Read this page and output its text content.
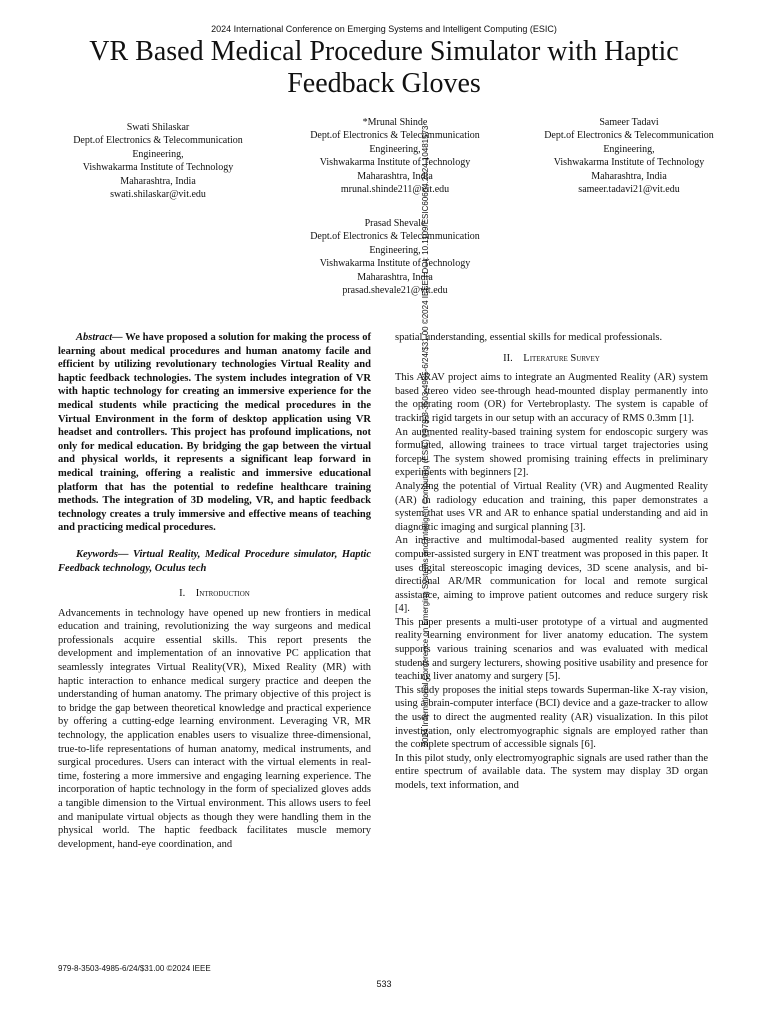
2024 International Conference on Emerging Systems and Intelligent Computing (ESIC)
VR Based Medical Procedure Simulator with Haptic Feedback Gloves
2024 International Conference on Emerging Systems and Intelligent Computing (ESIC) | 979-8-3503-4985-6/24/$31.00 ©2024 IEEE | DOI: 10.1109/ESIC60604.2024.10481573
Swati Shilaskar
Dept.of Electronics & Telecommunication
Engineering,
Vishwakarma Institute of Technology
Maharashtra, India
swati.shilaskar@vit.edu
*Mrunal Shinde
Dept.of Electronics & Telecommunication
Engineering,
Vishwakarma Institute of Technology
Maharashtra, India
mrunal.shinde211@vit.edu
Sameer Tadavi
Dept.of Electronics & Telecommunication
Engineering,
Vishwakarma Institute of Technology
Maharashtra, India
sameer.tadavi21@vit.edu
Prasad Shevale
Dept.of Electronics & Telecommunication
Engineering,
Vishwakarma Institute of Technology
Maharashtra, India
prasad.shevale21@vit.edu

Abstract— We have proposed a solution for making the process of learning about medical procedures and human anatomy facile and efficient by utilizing revolutionary technologies Virtual Reality and haptic feedback technologies. The system includes integration of VR with haptic technology for creating an immersive experience for the medical students while practicing the medical procedures in the Virtual Environment in the form of desktop application using VR headset and controllers. This project has profound implications, not only for medical education. By bridging the gap between the virtual and physical worlds, it represents a significant leap forward in medical training, offering a realistic and immersive educational platform that has the potential to redefine healthcare training methods. The integration of 3D modeling, VR, and haptic feedback technology creates a truly immersive and effective means of teaching and practicing medical procedures.

Keywords— Virtual Reality, Medical Procedure simulator, Haptic Feedback technology, Oculus tech

I. Introduction

Advancements in technology have opened up new frontiers in medical education and training, revolutionizing the way surgeons and medical professionals acquire essential skills. This report presents the development and implementation of an innovative PC application that seamlessly integrates Virtual Reality(VR), Mixed Reality (MR) with haptic interaction to enhance medical surgery practice and deepen the understanding of human anatomy. The primary objective of this project is to bridge the gap between theoretical knowledge and practical experience by offering a cutting-edge learning environment. Leveraging VR, MR technology, the application enables users to visualize three-dimensional, true-to-life representations of human anatomy, medical instruments, and surgical procedures. Users can interact with the virtual elements in real-time, fostering a more immersive and engaging learning experience. The incorporation of haptic technology in the form of specialized gloves adds a tangible dimension to the Virtual environment. This allows users to feel and manipulate virtual objects as though they were handling them in the physical world. The haptic feedback facilitates muscle memory development, hand-eye coordination, and

spatial understanding, essential skills for medical professionals.

II. Literature Survey

This ARAV project aims to integrate an Augmented Reality (AR) system based stereo video see-through head-mounted display permanently into the operating room (OR) for Vertebroplasty. The system is capable of tracking rigid targets in our setup with an accuracy of RMS 0.3mm [1].

An augmented reality-based training system for endoscopic surgery was formulated, allowing trainees to trace virtual target trajectories using forceps. The system showed promising training effects in preliminary experiments with beginners [2].

Analyzing the potential of Virtual Reality (VR) and Augmented Reality (AR) in radiology education and training, this paper demonstrates a system that uses VR and AR to enhance spatial understanding and aid in diagnostic imaging and surgical planning [3].

An interactive and multimodal-based augmented reality system for computer-assisted surgery in ENT treatment was proposed in this paper. It uses digital stereoscopic imaging devices, 3D scene analysis, and bi-directional AR/MR communication for local and remote surgical assistance, aiming to improve patient outcomes and reduce surgery risk [4].

This paper presents a multi-user prototype of a virtual and augmented reality learning environment for liver anatomy education. The system supports various training scenarios and was evaluated with medical students and surgery lecturers, showing positive usability and presence for teaching liver anatomy and surgery [5].

This study proposes the initial steps towards Superman-like X-ray vision, using a brain-computer interface (BCI) device and a gaze-tracker to allow the user to direct the augmented reality (AR) visualization. In this pilot investigation, only electromyographic signals are employed rather than the complete spectrum of accessible signals [6].

In this pilot study, only electromyographic signals are used rather than the entire spectrum of available data. The system may display 3D organ models, text information, and

979-8-3503-4985-6/24/$31.00 ©2024 IEEE
533
